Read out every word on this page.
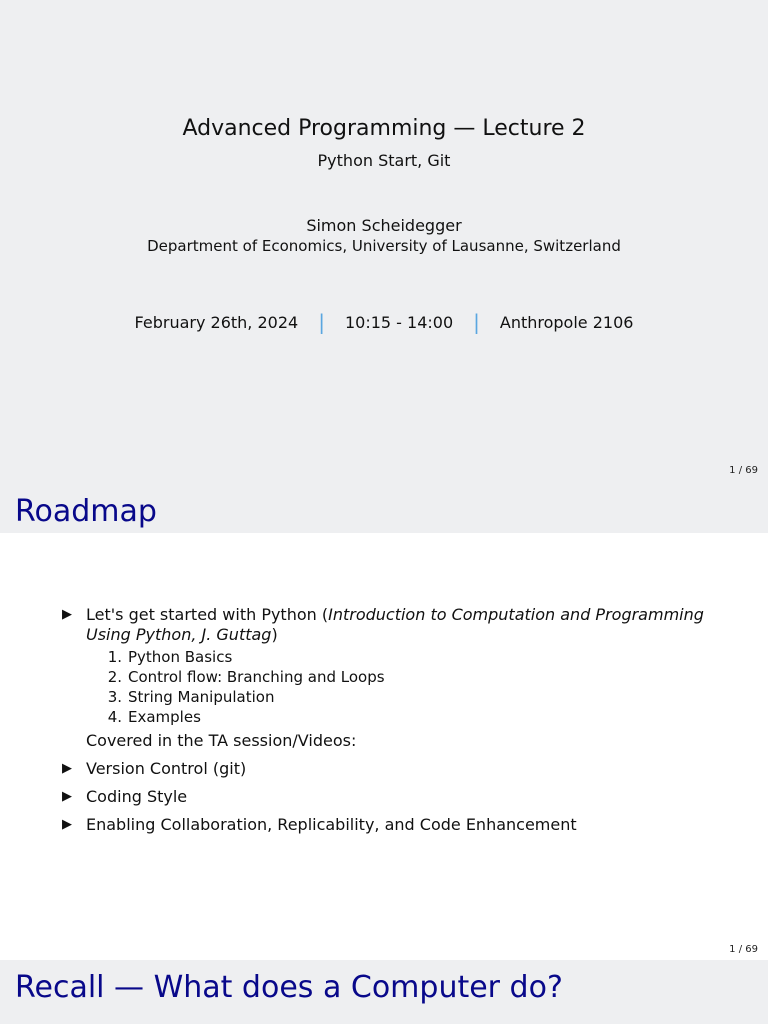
Advanced Programming — Lecture 2
Python Start, Git
Simon Scheidegger
Department of Economics, University of Lausanne, Switzerland
February 26th, 2024 | 10:15 - 14:00 | Anthropole 2106
1 / 69
Roadmap
▶ Let's get started with Python (Introduction to Computation and Programming Using Python, J. Guttag)
1. Python Basics
2. Control flow: Branching and Loops
3. String Manipulation
4. Examples
Covered in the TA session/Videos:
▶ Version Control (git)
▶ Coding Style
▶ Enabling Collaboration, Replicability, and Code Enhancement
1 / 69
Recall — What does a Computer do?
